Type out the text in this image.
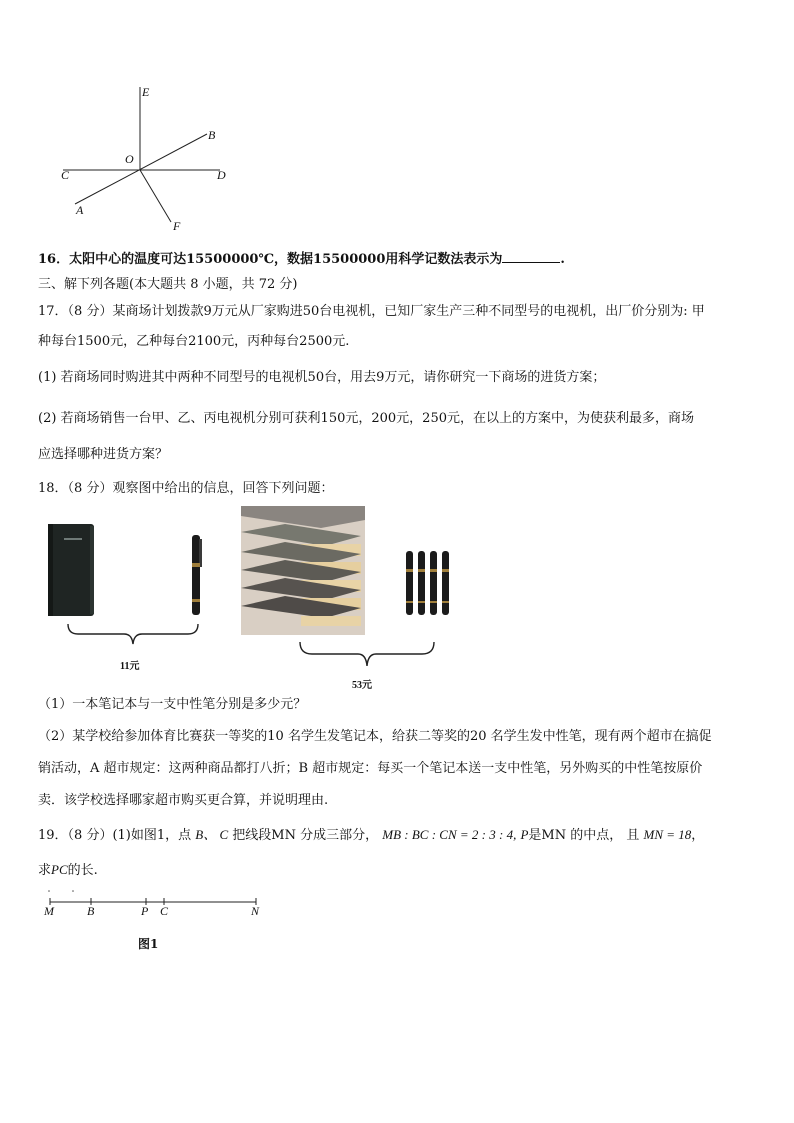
E
B
O
C	D
A
F
16．太阳中心的温度可达15500000℃，数据15500000用科学记数法表示为	.
三、解下列各题(本大题共 8 小题，共 72 分)
17．（8 分）某商场计划拨款9万元从厂家购进50台电视机，已知厂家生产三种不同型号的电视机，出厂价分别为: 甲
种每台1500元，乙种每台2100元，丙种每台2500元.
(1) 若商场同时购进其中两种不同型号的电视机50台，用去9万元，请你研究一下商场的进货方案；
(2) 若商场销售一台甲、乙、丙电视机分别可获利150元，200元，250元，在以上的方案中，为使获利最多，商场
应选择哪种进货方案？
18．（8 分）观察图中给出的信息，回答下列问题：
11元
53元
（1）一本笔记本与一支中性笔分别是多少元？
（2）某学校给参加体育比赛获一等奖的10 名学生发笔记本，给获二等奖的20 名学生发中性笔，现有两个超市在搞促
销活动，A 超市规定：这两种商品都打八折；B 超市规定：每买一个笔记本送一支中性笔，另外购买的中性笔按原价
卖．该学校选择哪家超市购买更合算，并说明理由.
19．（8 分）(1)如图1，点 B、 C 把线段MN 分成三部分， MB : BC : CN = 2 : 3 : 4, P是MN 的中点， 且 MN = 18，
求PC的长.
M	B	P C	N
图1
